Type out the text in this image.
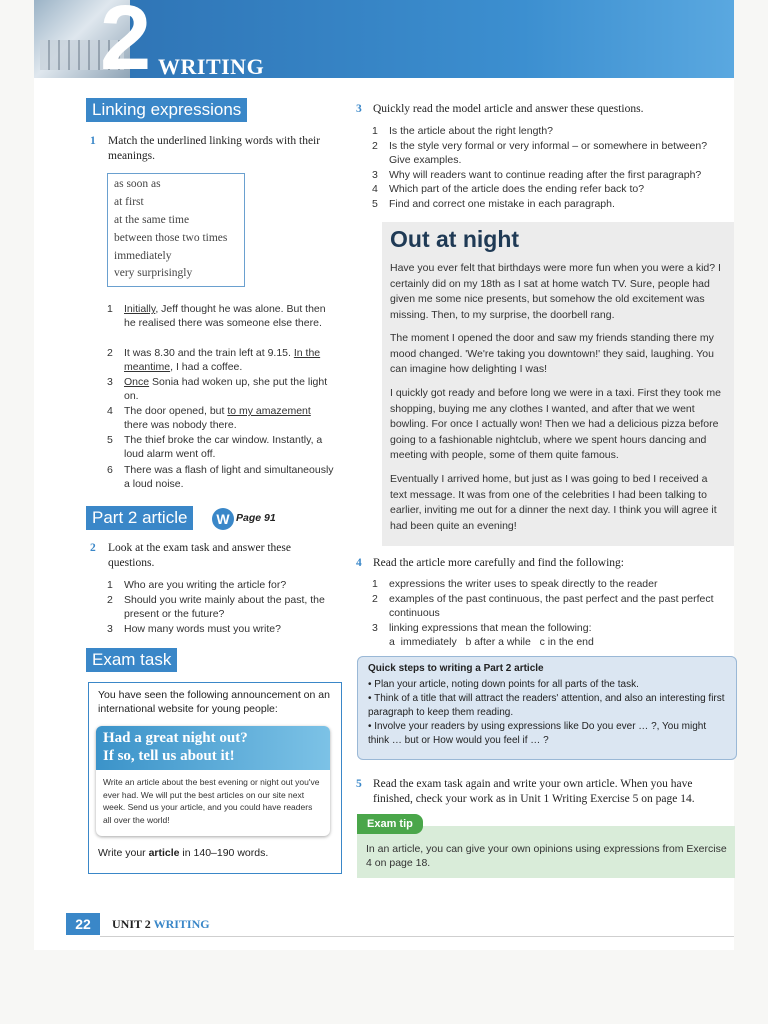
2 WRITING
Linking expressions
1 Match the underlined linking words with their meanings.
as soon as
at first
at the same time
between those two times
immediately
very surprisingly
1 Initially, Jeff thought he was alone. But then he realised there was someone else there.
2 It was 8.30 and the train left at 9.15. In the meantime, I had a coffee.
3 Once Sonia had woken up, she put the light on.
4 The door opened, but to my amazement there was nobody there.
5 The thief broke the car window. Instantly, a loud alarm went off.
6 There was a flash of light and simultaneously a loud noise.
Part 2 article	W Page 91
2 Look at the exam task and answer these questions.
1 Who are you writing the article for?
2 Should you write mainly about the past, the present or the future?
3 How many words must you write?
Exam task
You have seen the following announcement on an international website for young people:
Had a great night out?
If so, tell us about it!
Write an article about the best evening or night out you've ever had. We will put the best articles on our site next week. Send us your article, and you could have readers all over the world!
Write your article in 140–190 words.
3 Quickly read the model article and answer these questions.
1 Is the article about the right length?
2 Is the style very formal or very informal – or somewhere in between? Give examples.
3 Why will readers want to continue reading after the first paragraph?
4 Which part of the article does the ending refer back to?
5 Find and correct one mistake in each paragraph.
Out at night
Have you ever felt that birthdays were more fun when you were a kid? I certainly did on my 18th as I sat at home watch TV. Sure, people had given me some nice presents, but somehow the old excitement was missing. Then, to my surprise, the doorbell rang.
The moment I opened the door and saw my friends standing there my mood changed. 'We're taking you downtown!' they said, laughing. You can imagine how delighting I was!
I quickly got ready and before long we were in a taxi. First they took me shopping, buying me any clothes I wanted, and after that we went bowling. For once I actually won! Then we had a delicious pizza before going to a fashionable nightclub, where we spent hours dancing and meeting with people, some of them quite famous.
Eventually I arrived home, but just as I was going to bed I received a text message. It was from one of the celebrities I had been talking to earlier, inviting me out for a dinner the next day. I think you will agree it had been quite an evening!
4 Read the article more carefully and find the following:
1 expressions the writer uses to speak directly to the reader
2 examples of the past continuous, the past perfect and the past perfect continuous
3 linking expressions that mean the following:
a  immediately   b after a while   c in the end
Quick steps to writing a Part 2 article
• Plan your article, noting down points for all parts of the task.
• Think of a title that will attract the readers' attention, and also an interesting first paragraph to keep them reading.
• Involve your readers by using expressions like Do you ever … ?, You might think … but or How would you feel if … ?
5 Read the exam task again and write your own article. When you have finished, check your work as in Unit 1 Writing Exercise 5 on page 14.
Exam tip
In an article, you can give your own opinions using expressions from Exercise 4 on page 18.
22	UNIT 2 WRITING
